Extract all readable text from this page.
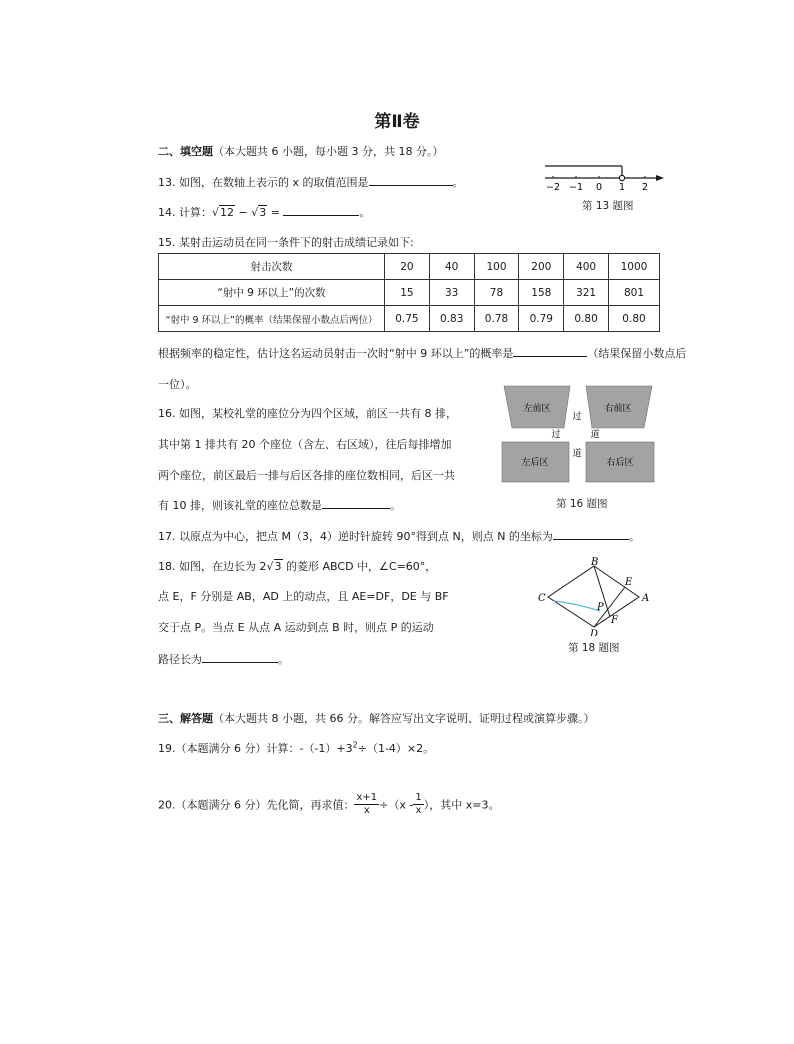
第Ⅱ卷
二、填空题（本大题共 6 小题，每小题 3 分，共 18 分。）
13. 如图，在数轴上表示的 x 的取值范围是	。	−2 −1 0 1 2
第 13 题图
14. 计算：√12 − √3 =	。
15. 某射击运动员在同一条件下的射击成绩记录如下:
射击次数	20	40	100	200	400	1000
“射中 9 环以上”的次数	15	33	78	158	321	801
“射中 9 环以上”的概率（结果保留小数点后两位）	0.75	0.83	0.78	0.79	0.80	0.80
根据频率的稳定性，估计这名运动员射击一次时“射中 9 环以上”的概率是	（结果保留小数点后
一位）。
16. 如图，某校礼堂的座位分为四个区域，前区一共有 8 排，
其中第 1 排共有 20 个座位（含左、右区域），往后每排增加
两个座位，前区最后一排与后区各排的座位数相同，后区一共
有 10 排，则该礼堂的座位总数是	。
左前区	右前区
左后区	右后区
过
过	道
道
第 16 题图
17. 以原点为中心，把点 M（3，4）逆时针旋转 90°得到点 N，则点 N 的坐标为	。
18. 如图，在边长为 2√3 的菱形 ABCD 中，∠C=60°，
点 E，F 分别是 AB，AD 上的动点，且 AE=DF，DE 与 BF
交于点 P。当点 E 从点 A 运动到点 B 时，则点 P 的运动
路径长为	。
A
B
C
D
E
F
P
第 18 题图
三、解答题（本大题共 8 小题，共 66 分。解答应写出文字说明、证明过程或演算步骤。）
19.（本题满分 6 分）计算：$-(-1)+3^2\div(1-4)\times 2$。
20.（本题满分 6 分）先化简，再求值： $\frac{x+1}{x} \div(x - \frac{1}{x}$ ），其中 x=3。
